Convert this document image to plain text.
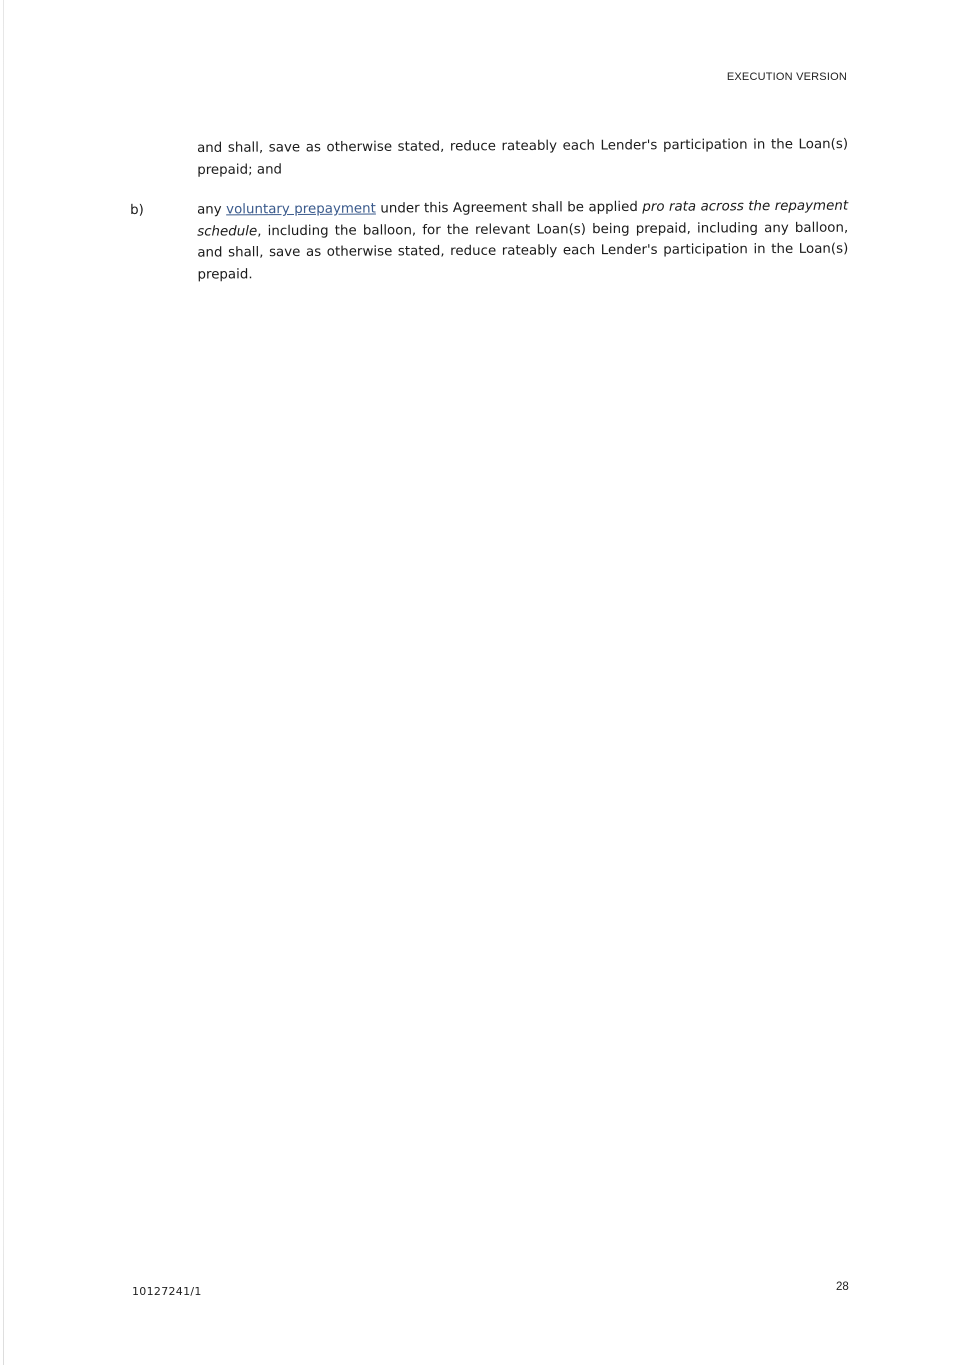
EXECUTION VERSION
and shall, save as otherwise stated, reduce rateably each Lender's participation in the Loan(s) prepaid; and
b)	any voluntary prepayment under this Agreement shall be applied pro rata across the repayment schedule, including the balloon, for the relevant Loan(s) being prepaid, including any balloon, and shall, save as otherwise stated, reduce rateably each Lender's participation in the Loan(s) prepaid.
10127241/1	28
